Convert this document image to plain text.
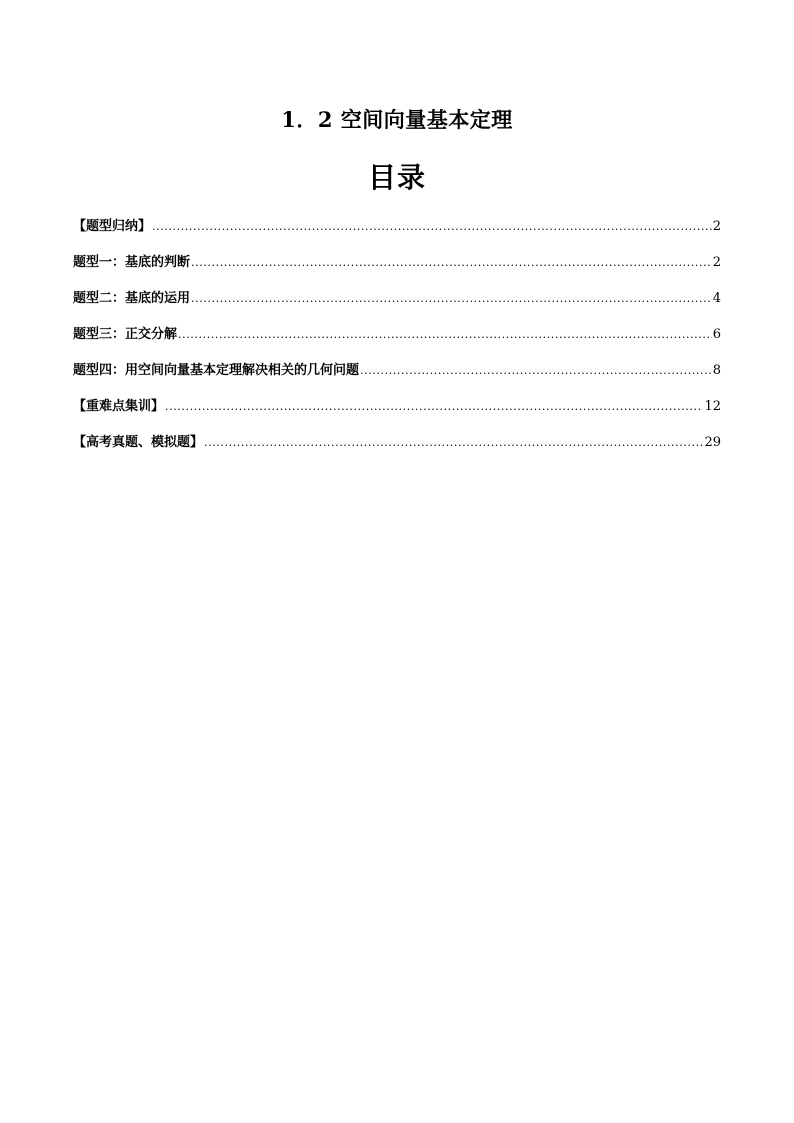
1．2 空间向量基本定理
目录
【题型归纳】 .....	2
题型一：基底的判断 .....	2
题型二：基底的运用 .....	4
题型三：正交分解 .....	6
题型四：用空间向量基本定理解决相关的几何问题 .....	8
【重难点集训】 .....	12
【高考真题、模拟题】 .....	29
